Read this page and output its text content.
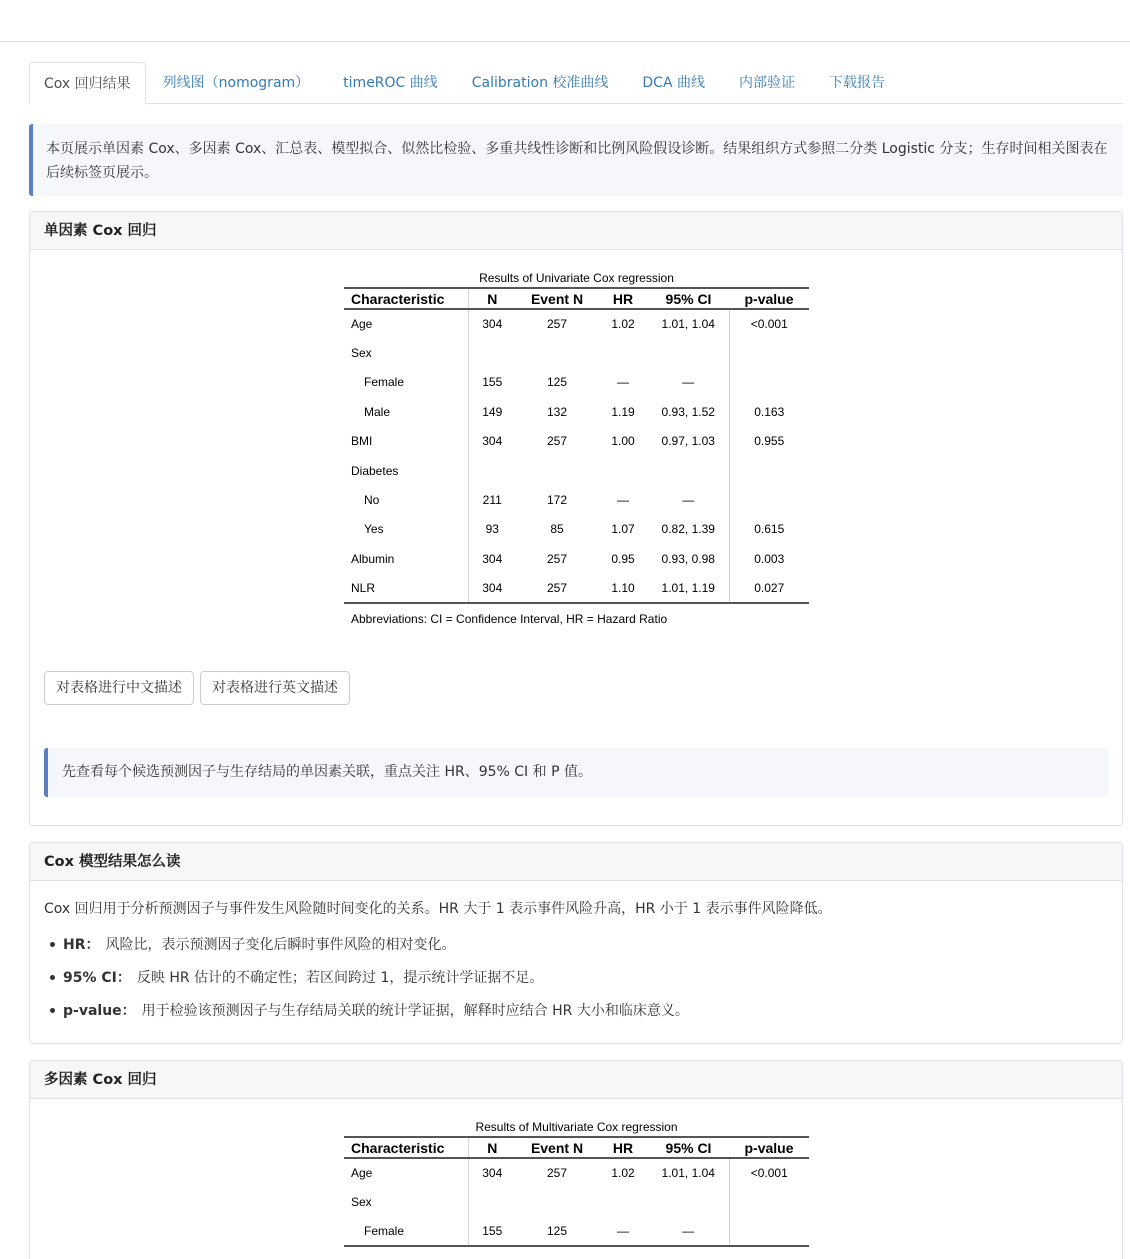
Cox 回归结果	列线图（nomogram）	timeROC 曲线	Calibration 校准曲线	DCA 曲线	内部验证	下载报告
本页展示单因素 Cox、多因素 Cox、汇总表、模型拟合、似然比检验、多重共线性诊断和比例风险假设诊断。结果组织方式参照二分类 Logistic 分支；生存时间相关图表在后续标签页展示。
单因素 Cox 回归
Results of Univariate Cox regression
Characteristic	N	Event N	HR	95% CI	p-value
Age	304	257	1.02	1.01, 1.04	<0.001
Sex					
Female	155	125	—	—	
Male	149	132	1.19	0.93, 1.52	0.163
BMI	304	257	1.00	0.97, 1.03	0.955
Diabetes					
No	211	172	—	—	
Yes	93	85	1.07	0.82, 1.39	0.615
Albumin	304	257	0.95	0.93, 0.98	0.003
NLR	304	257	1.10	1.01, 1.19	0.027
Abbreviations: CI = Confidence Interval, HR = Hazard Ratio
对表格进行中文描述	对表格进行英文描述
先查看每个候选预测因子与生存结局的单因素关联，重点关注 HR、95% CI 和 P 值。
Cox 模型结果怎么读
Cox 回归用于分析预测因子与事件发生风险随时间变化的关系。HR 大于 1 表示事件风险升高，HR 小于 1 表示事件风险降低。
HR： 风险比，表示预测因子变化后瞬时事件风险的相对变化。
95% CI： 反映 HR 估计的不确定性；若区间跨过 1，提示统计学证据不足。
p-value： 用于检验该预测因子与生存结局关联的统计学证据，解释时应结合 HR 大小和临床意义。
多因素 Cox 回归
Results of Multivariate Cox regression
Characteristic	N	Event N	HR	95% CI	p-value
Age	304	257	1.02	1.01, 1.04	<0.001
Sex					
Female	155	125	—	—	
